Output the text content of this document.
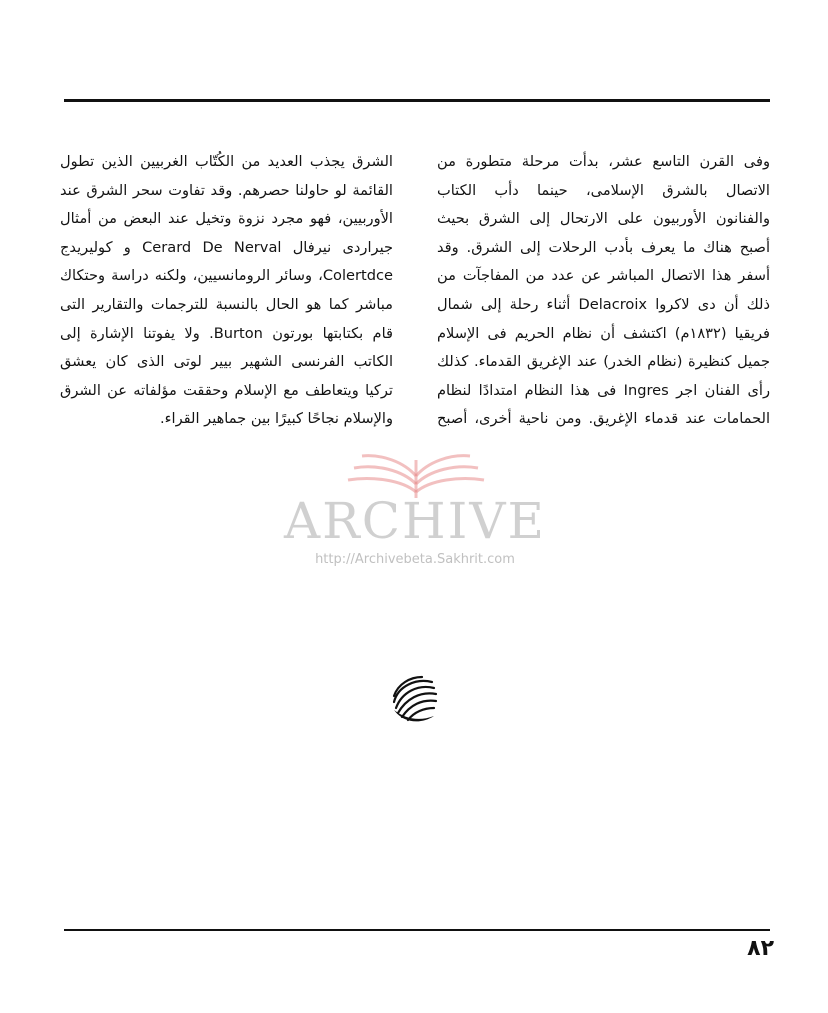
وفى القرن التاسع عشر، بدأت مرحلة متطورة من
الاتصال بالشرق الإسلامى، حينما دأب الكتاب
والفنانون الأوربيون على الارتحال إلى الشرق بحيث
أصبح هناك ما يعرف بأدب الرحلات إلى الشرق. وقد
أسفر هذا الاتصال المباشر عن عدد من المفاجآت من
ذلك أن دى لاكروا Delacroix أثناء رحلة إلى شمال
فريقيا (١٨٣٢م) اكتشف أن نظام الحريم فى الإسلام
جميل كنظيرة (نظام الخدر) عند الإغريق القدماء. كذلك
رأى الفنان اجر Ingres فى هذا النظام امتدادًا لنظام
الحمامات عند قدماء الإغريق. ومن ناحية أخرى، أصبح
الشرق يجذب العديد من الكُتّاب الغربيين الذين تطول
القائمة لو حاولنا حصرهم. وقد تفاوت سحر الشرق عند
الأوربيين، فهو مجرد نزوة وتخيل عند البعض من أمثال
جيراردى نيرفال Cerard De Nerval و كوليريدج
Colertdce، وسائر الرومانسيين، ولكنه دراسة وحتكاك
مباشر كما هو الحال بالنسبة للترجمات والتقارير التى
قام بكتابتها بورتون Burton. ولا يفوتنا الإشارة إلى
الكاتب الفرنسى الشهير بيير لوتى الذى كان يعشق
تركيا ويتعاطف مع الإسلام وحققت مؤلفاته عن الشرق
والإسلام نجاحًا كبيرًا بين جماهير القراء.
ARCHIVE
http://Archivebeta.Sakhrit.com
٨٢
